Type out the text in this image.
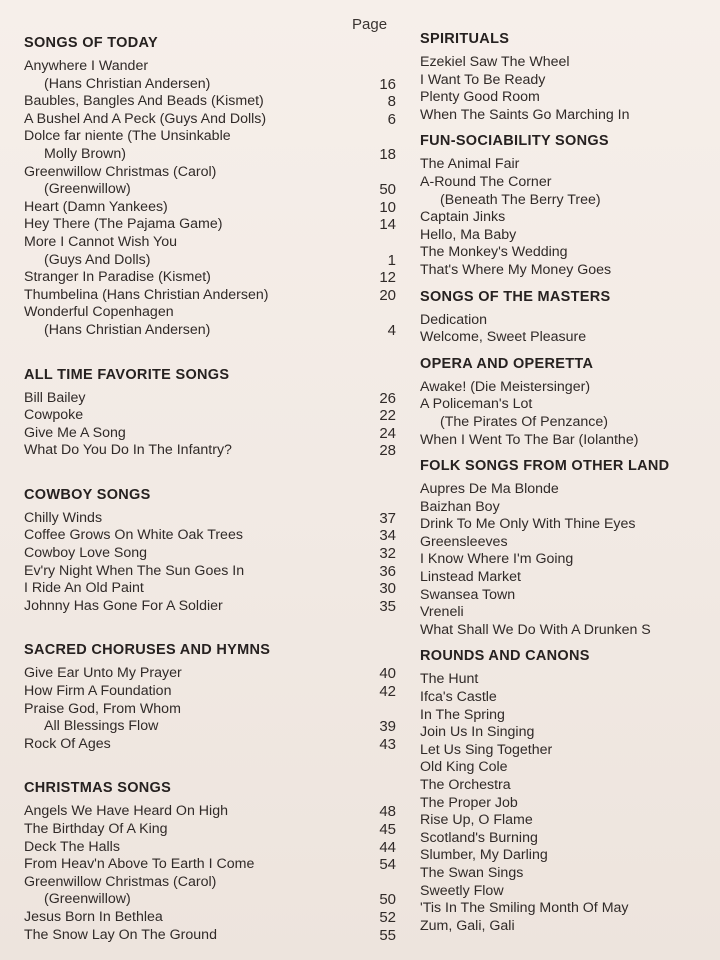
Page
SONGS OF TODAY
Anywhere I Wander
(Hans Christian Andersen)	16
Baubles, Bangles And Beads (Kismet)	8
A Bushel And A Peck (Guys And Dolls)	6
Dolce far niente (The Unsinkable
Molly Brown)	18
Greenwillow Christmas (Carol)
(Greenwillow)	50
Heart (Damn Yankees)	10
Hey There (The Pajama Game)	14
More I Cannot Wish You
(Guys And Dolls)	1
Stranger In Paradise (Kismet)	12
Thumbelina (Hans Christian Andersen)	20
Wonderful Copenhagen
(Hans Christian Andersen)	4
ALL TIME FAVORITE SONGS
Bill Bailey	26
Cowpoke	22
Give Me A Song	24
What Do You Do In The Infantry?	28
COWBOY SONGS
Chilly Winds	37
Coffee Grows On White Oak Trees	34
Cowboy Love Song	32
Ev'ry Night When The Sun Goes In	36
I Ride An Old Paint	30
Johnny Has Gone For A Soldier	35
SACRED CHORUSES AND HYMNS
Give Ear Unto My Prayer	40
How Firm A Foundation	42
Praise God, From Whom
All Blessings Flow	39
Rock Of Ages	43
CHRISTMAS SONGS
Angels We Have Heard On High	48
The Birthday Of A King	45
Deck The Halls	44
From Heav'n Above To Earth I Come	54
Greenwillow Christmas (Carol)
(Greenwillow)	50
Jesus Born In Bethlea	52
The Snow Lay On The Ground	55
SPIRITUALS
Ezekiel Saw The Wheel
I Want To Be Ready
Plenty Good Room
When The Saints Go Marching In
FUN-SOCIABILITY SONGS
The Animal Fair
A-Round The Corner
(Beneath The Berry Tree)
Captain Jinks
Hello, Ma Baby
The Monkey's Wedding
That's Where My Money Goes
SONGS OF THE MASTERS
Dedication
Welcome, Sweet Pleasure
OPERA AND OPERETTA
Awake! (Die Meistersinger)
A Policeman's Lot
(The Pirates Of Penzance)
When I Went To The Bar (Iolanthe)
FOLK SONGS FROM OTHER LAND
Aupres De Ma Blonde
Baizhan Boy
Drink To Me Only With Thine Eyes
Greensleeves
I Know Where I'm Going
Linstead Market
Swansea Town
Vreneli
What Shall We Do With A Drunken S
ROUNDS AND CANONS
The Hunt
Ifca's Castle
In The Spring
Join Us In Singing
Let Us Sing Together
Old King Cole
The Orchestra
The Proper Job
Rise Up, O Flame
Scotland's Burning
Slumber, My Darling
The Swan Sings
Sweetly Flow
'Tis In The Smiling Month Of May
Zum, Gali, Gali
